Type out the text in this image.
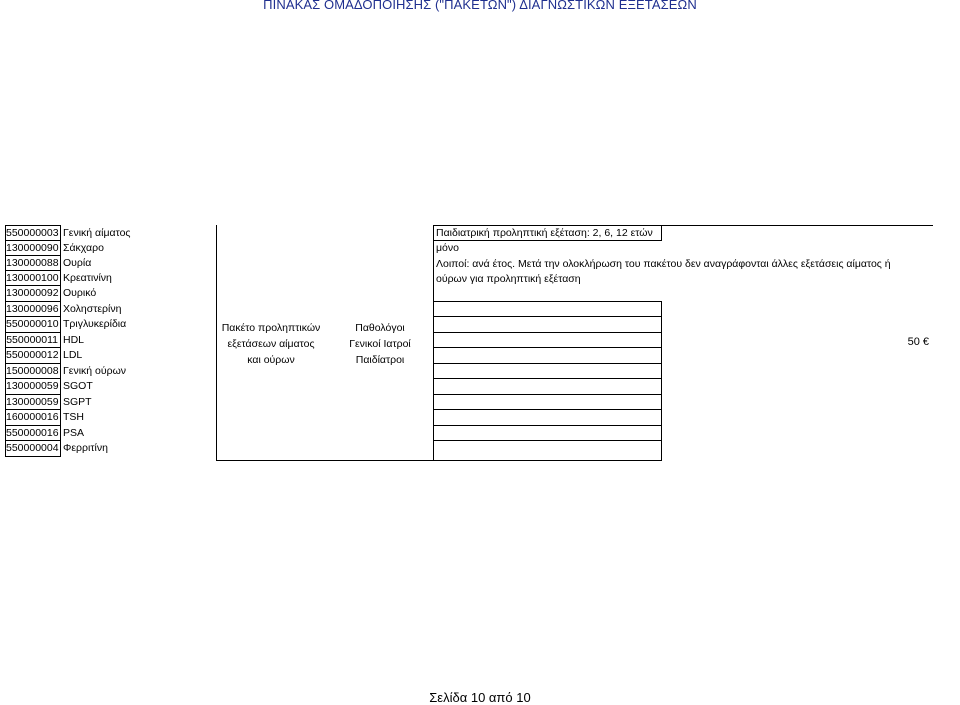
ΠΙΝΑΚΑΣ ΟΜΑΔΟΠΟΙΗΣΗΣ ("ΠΑΚΕΤΩΝ") ΔΙΑΓΝΩΣΤΙΚΩΝ ΕΞΕΤΑΣΕΩΝ
550000003
130000090
130000088
130000100
130000092
130000096
550000010
550000011
550000012
150000008
130000059
130000059
160000016
550000016
550000004
Γενική αίματος
Σάκχαρο
Ουρία
Κρεατινίνη
Ουρικό
Χοληστερίνη
Τριγλυκερίδια
HDL
LDL
Γενική ούρων
SGOT
SGPT
TSH
PSA
Φερριτίνη
Πακέτο προληπτικών
εξετάσεων αίματος
και ούρων
Παθολόγοι
Γενικοί Ιατροί
Παιδίατροι
Παιδιατρική προληπτική εξέταση: 2, 6, 12 ετών
μόνο
Λοιποί: ανά έτος. Μετά την ολοκλήρωση του πακέτου δεν αναγράφονται άλλες εξετάσεις αίματος ή
ούρων για προληπτική εξέταση
50 €
Σελίδα 10 από 10
